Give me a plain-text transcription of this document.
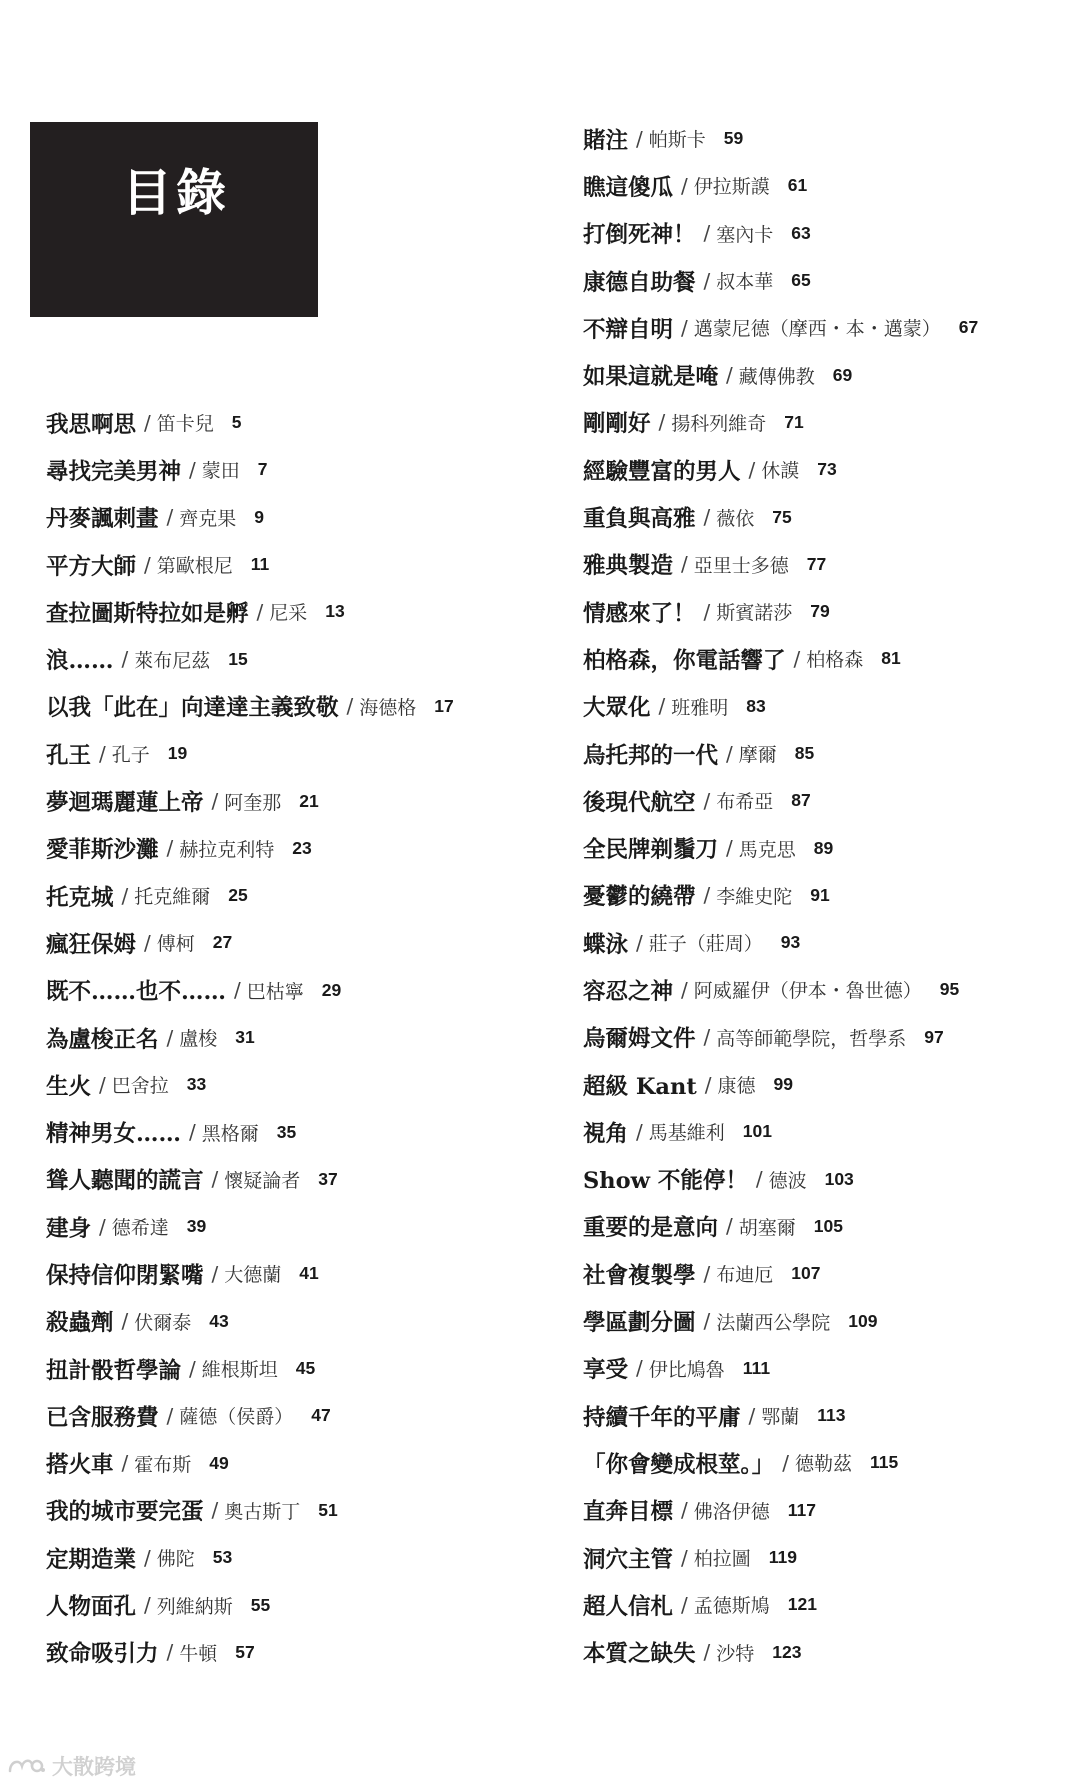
目錄
我思啊思 / 笛卡兒 5
尋找完美男神 / 蒙田 7
丹麥諷刺畫 / 齊克果 9
平方大師 / 第歐根尼 11
查拉圖斯特拉如是孵 / 尼采 13
浪…… / 萊布尼茲 15
以我「此在」向達達主義致敬 / 海德格 17
孔王 / 孔子 19
夢迴瑪麗蓮上帝 / 阿奎那 21
愛菲斯沙灘 / 赫拉克利特 23
托克城 / 托克維爾 25
瘋狂保姆 / 傅柯 27
既不……也不…… / 巴枯寧 29
為盧梭正名 / 盧梭 31
生火 / 巴舍拉 33
精神男女…… / 黑格爾 35
聳人聽聞的謊言 / 懷疑論者 37
建身 / 德希達 39
保持信仰閉緊嘴 / 大德蘭 41
殺蟲劑 / 伏爾泰 43
扭計骰哲學論 / 維根斯坦 45
已含服務費 / 薩德（侯爵） 47
搭火車 / 霍布斯 49
我的城市要完蛋 / 奧古斯丁 51
定期造業 / 佛陀 53
人物面孔 / 列維納斯 55
致命吸引力 / 牛頓 57
賭注 / 帕斯卡 59
瞧這傻瓜 / 伊拉斯謨 61
打倒死神！ / 塞內卡 63
康德自助餐 / 叔本華 65
不辯自明 / 邁蒙尼德（摩西・本・邁蒙） 67
如果這就是唵 / 藏傳佛教 69
剛剛好 / 揚科列維奇 71
經驗豐富的男人 / 休謨 73
重負與高雅 / 薇依 75
雅典製造 / 亞里士多德 77
情感來了！ / 斯賓諾莎 79
柏格森，你電話響了 / 柏格森 81
大眾化 / 班雅明 83
烏托邦的一代 / 摩爾 85
後現代航空 / 布希亞 87
全民牌剃鬚刀 / 馬克思 89
憂鬱的繞帶 / 李維史陀 91
蝶泳 / 莊子（莊周） 93
容忍之神 / 阿威羅伊（伊本・魯世德） 95
烏爾姆文件 / 高等師範學院，哲學系 97
超級 Kant / 康德 99
視角 / 馬基維利 101
Show 不能停！ / 德波 103
重要的是意向 / 胡塞爾 105
社會複製學 / 布迪厄 107
學區劃分圖 / 法蘭西公學院 109
享受 / 伊比鳩魯 111
持續千年的平庸 / 鄂蘭 113
「你會變成根莖。」 / 德勒茲 115
直奔目標 / 佛洛伊德 117
洞穴主管 / 柏拉圖 119
超人信札 / 孟德斯鳩 121
本質之缺失 / 沙特 123
大散跨境
